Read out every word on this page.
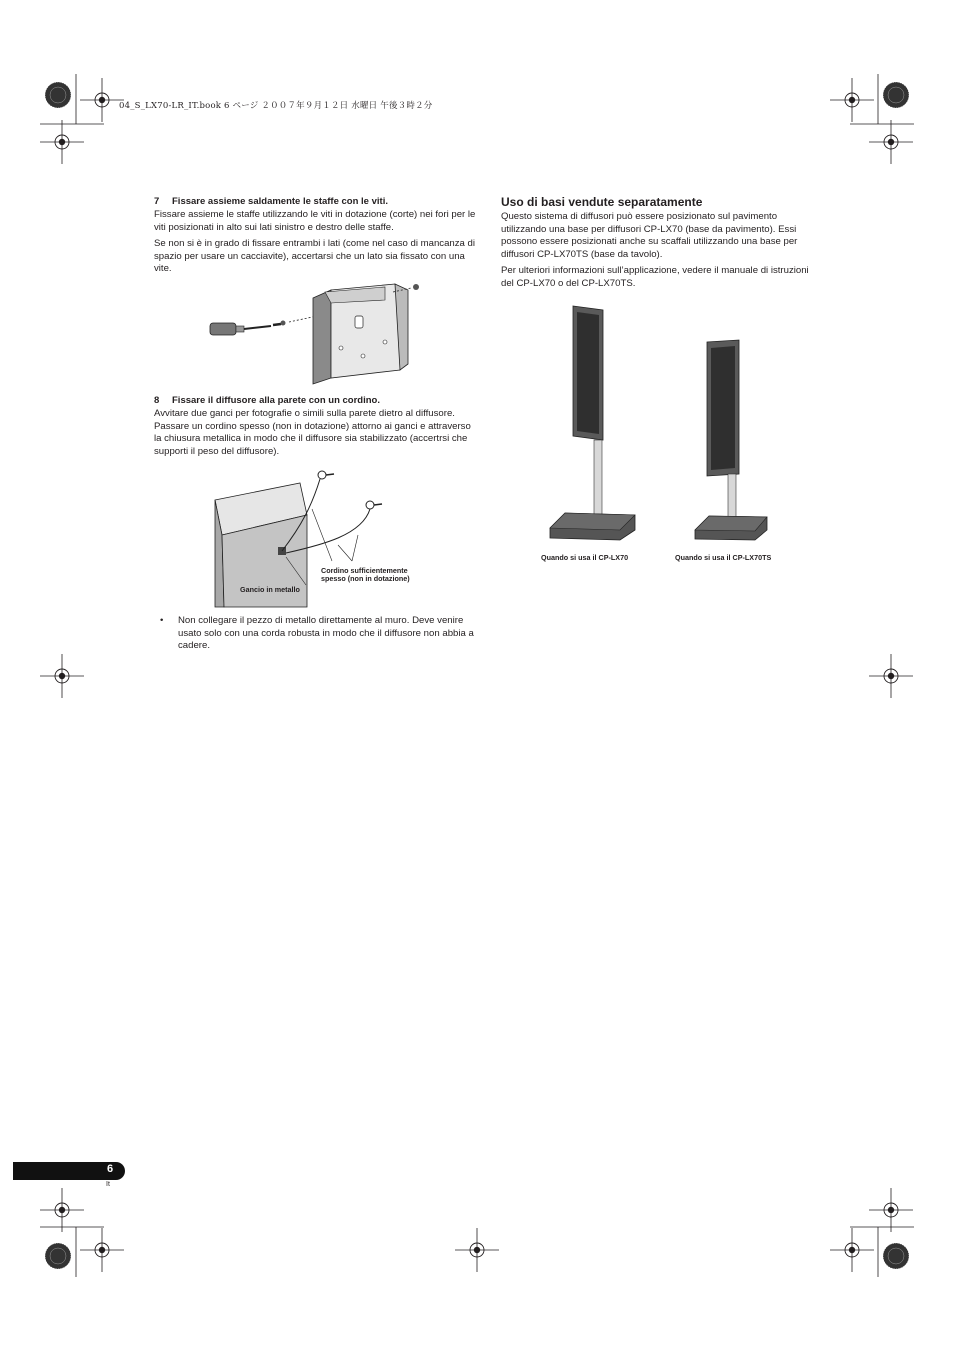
04_S_LX70-LR_IT.book 6 ページ ２００７年９月１２日 水曜日 午後３時２分
7 Fissare assieme saldamente le staffe con le viti.

Fissare assieme le staffe utilizzando le viti in dotazione (corte) nei fori per le viti posizionati in alto sui lati sinistro e destro delle staffe.

Se non si è in grado di fissare entrambi i lati (come nel caso di mancanza di spazio per usare un cacciavite), accertarsi che un lato sia fissato con una vite.

8 Fissare il diffusore alla parete con un cordino.

Avvitare due ganci per fotografie o simili sulla parete dietro al diffusore. Passare un cordino spesso (non in dotazione) attorno ai ganci e attraverso la chiusura metallica in modo che il diffusore sia stabilizzato (accertrsi che supporti il peso del diffusore).

Gancio in metallo
Cordino sufficientemente
spesso (non in dotazione)
•	Non collegare il pezzo di metallo direttamente al muro. Deve venire usato solo con una corda robusta in modo che il diffusore non abbia a cadere.
Uso di basi vendute separatamente

Questo sistema di diffusori può essere posizionato sul pavimento utilizzando una base per diffusori CP-LX70 (base da pavimento). Essi possono essere posizionati anche su scaffali utilizzando una base per diffusori CP-LX70TS (base da tavolo).

Per ulteriori informazioni sull’applicazione, vedere il manuale di istruzioni del CP-LX70 o del CP-LX70TS.

Quando si usa il CP-LX70	Quando si usa il CP-LX70TS
6
It
